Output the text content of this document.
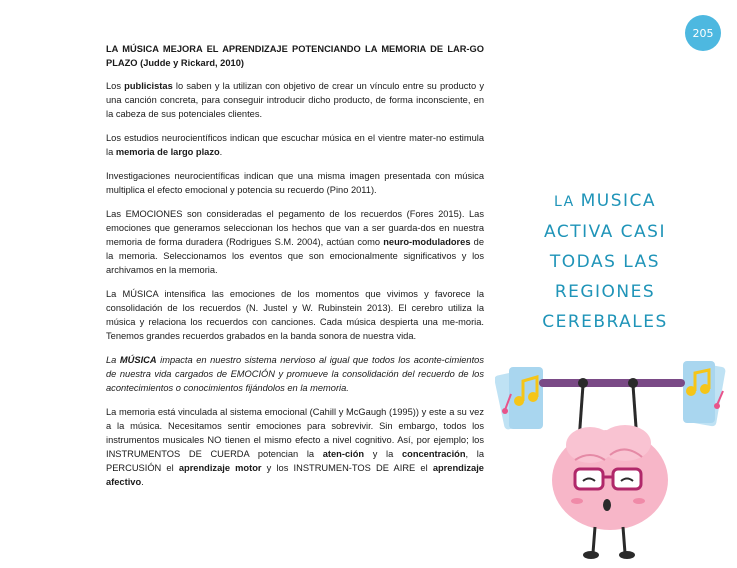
205

LA MÚSICA MEJORA EL APRENDIZAJE POTENCIANDO LA MEMORIA DE LAR-GO PLAZO (Judde y Rickard, 2010)

Los publicistas lo saben y la utilizan con objetivo de crear un vínculo entre su producto y una canción concreta, para conseguir introducir dicho producto, de forma inconsciente, en la cabeza de sus potenciales clientes.

Los estudios neurocientíficos indican que escuchar música en el vientre mater-no estimula la memoria de largo plazo.

Investigaciones neurocientíficas indican que una misma imagen presentada con música multiplica el efecto emocional y potencia su recuerdo (Pino 2011).

Las EMOCIONES son consideradas el pegamento de los recuerdos (Fores 2015). Las emociones que generamos seleccionan los hechos que van a ser guarda-dos en nuestra memoria de forma duradera (Rodrigues S.M. 2004), actúan como neuro-moduladores de la memoria. Seleccionamos los eventos que son emocionalmente significativos y los archivamos en la memoria.

La MÚSICA intensifica las emociones de los momentos que vivimos y favorece la consolidación de los recuerdos (N. Justel y W. Rubinstein 2013). El cerebro utiliza la música y relaciona los recuerdos con canciones. Cada música despierta una me-moria. Tenemos grandes recuerdos grabados en la banda sonora de nuestra vida.

La MÚSICA impacta en nuestro sistema nervioso al igual que todos los aconte-cimientos de nuestra vida cargados de EMOCIÓN y promueve la consolidación del recuerdo de los acontecimientos o conocimientos fijándolos en la memoria.

La memoria está vinculada al sistema emocional (Cahill y McGaugh (1995)) y este a su vez a la música. Necesitamos sentir emociones para sobrevivir. Sin embargo, todos los instrumentos musicales NO tienen el mismo efecto a nivel cognitivo. Así, por ejemplo; los INSTRUMENTOS DE CUERDA potencian la aten-ción y la concentración, la PERCUSIÓN el aprendizaje motor y los INSTRUMEN-TOS DE AIRE el aprendizaje afectivo.

LA MUSICA
ACTIVA CASI
TODAS LAS
REGIONES
CEREBRALES
